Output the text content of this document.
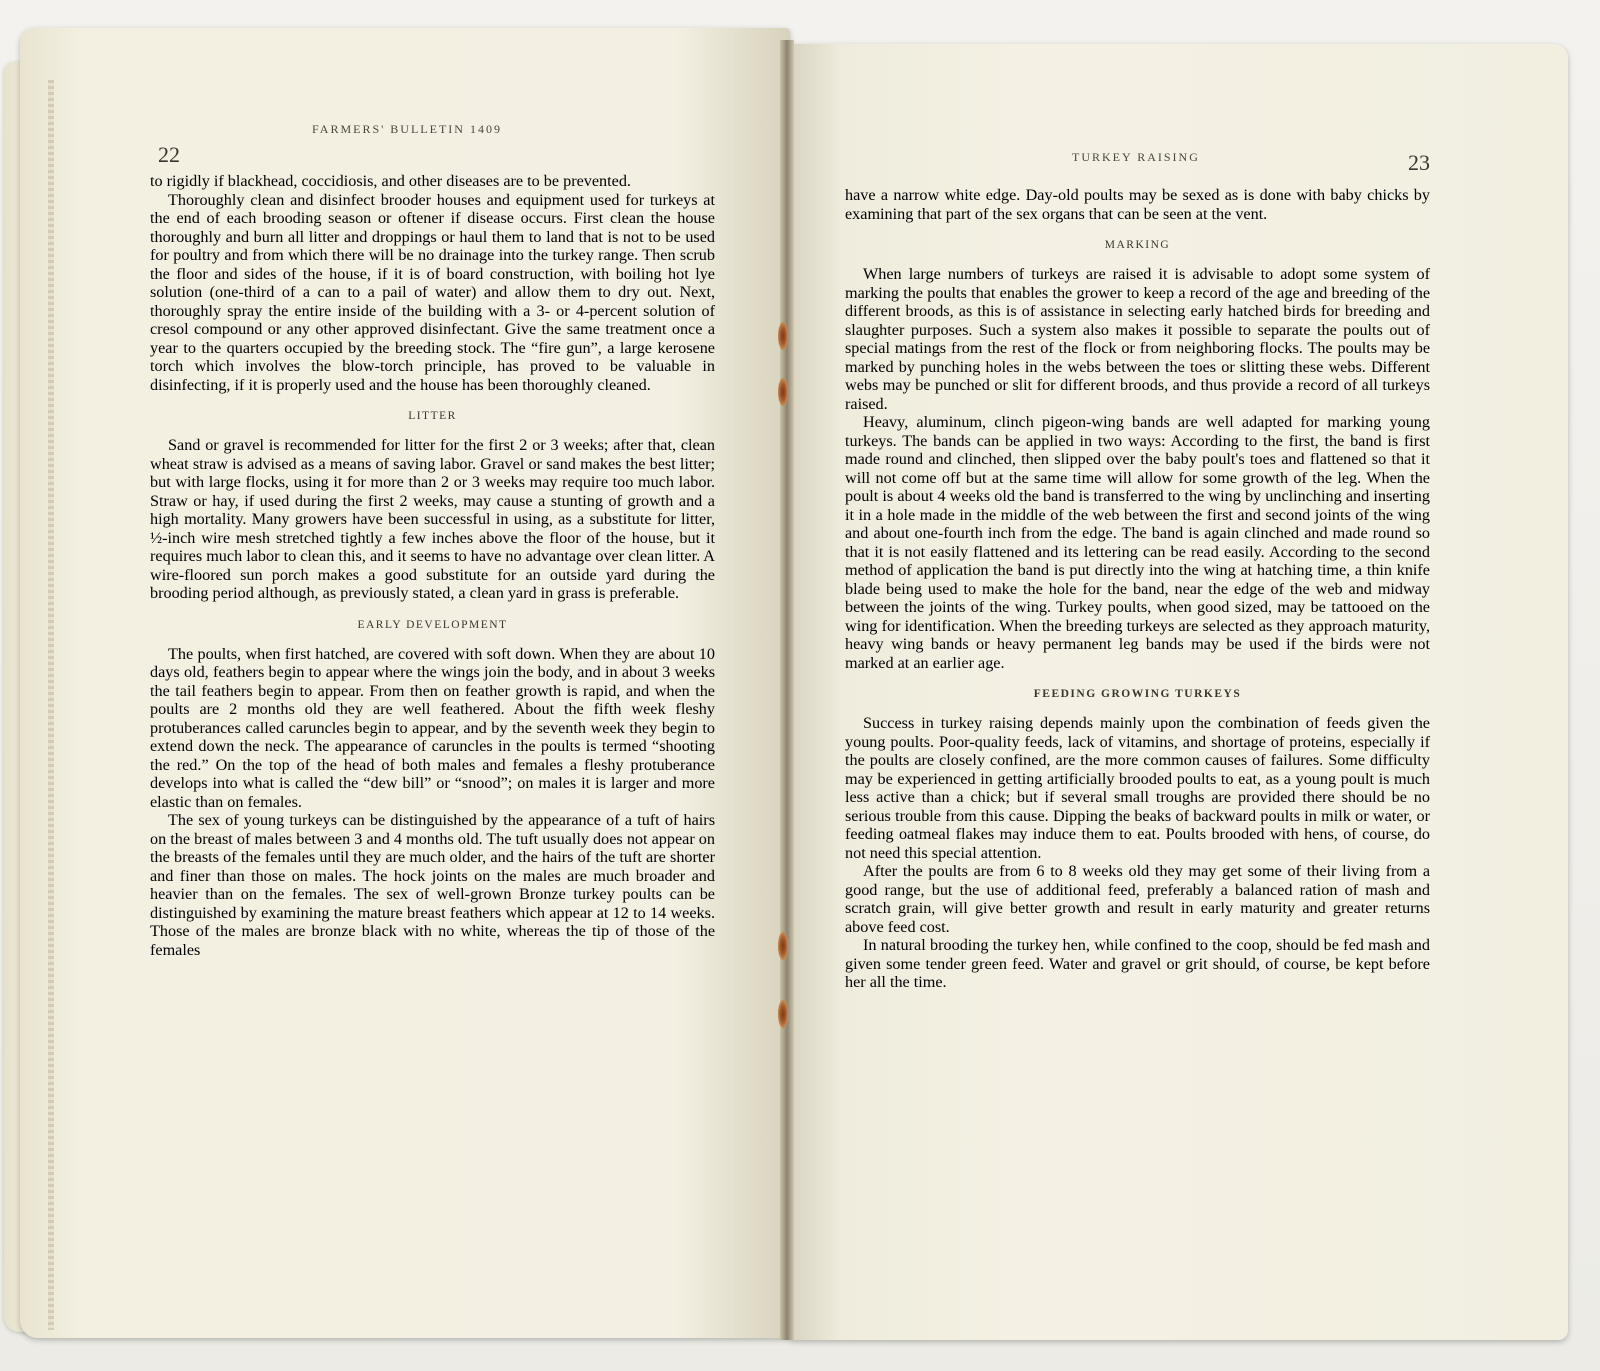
FARMERS' BULLETIN 1409
22

to rigidly if blackhead, coccidiosis, and other diseases are to be prevented.

Thoroughly clean and disinfect brooder houses and equipment used for turkeys at the end of each brooding season or oftener if disease occurs. First clean the house thoroughly and burn all litter and droppings or haul them to land that is not to be used for poultry and from which there will be no drainage into the turkey range. Then scrub the floor and sides of the house, if it is of board construction, with boiling hot lye solution (one-third of a can to a pail of water) and allow them to dry out. Next, thoroughly spray the entire inside of the building with a 3- or 4-percent solution of cresol compound or any other approved disinfectant. Give the same treatment once a year to the quarters occupied by the breeding stock. The “fire gun”, a large kerosene torch which involves the blow-torch principle, has proved to be valuable in disinfecting, if it is properly used and the house has been thoroughly cleaned.

LITTER

Sand or gravel is recommended for litter for the first 2 or 3 weeks; after that, clean wheat straw is advised as a means of saving labor. Gravel or sand makes the best litter; but with large flocks, using it for more than 2 or 3 weeks may require too much labor. Straw or hay, if used during the first 2 weeks, may cause a stunting of growth and a high mortality. Many growers have been successful in using, as a substitute for litter, ½-inch wire mesh stretched tightly a few inches above the floor of the house, but it requires much labor to clean this, and it seems to have no advantage over clean litter. A wire-floored sun porch makes a good substitute for an outside yard during the brooding period although, as previously stated, a clean yard in grass is preferable.

EARLY DEVELOPMENT

The poults, when first hatched, are covered with soft down. When they are about 10 days old, feathers begin to appear where the wings join the body, and in about 3 weeks the tail feathers begin to appear. From then on feather growth is rapid, and when the poults are 2 months old they are well feathered. About the fifth week fleshy protuberances called caruncles begin to appear, and by the seventh week they begin to extend down the neck. The appearance of caruncles in the poults is termed “shooting the red.” On the top of the head of both males and females a fleshy protuberance develops into what is called the “dew bill” or “snood”; on males it is larger and more elastic than on females.

The sex of young turkeys can be distinguished by the appearance of a tuft of hairs on the breast of males between 3 and 4 months old. The tuft usually does not appear on the breasts of the females until they are much older, and the hairs of the tuft are shorter and finer than those on males. The hock joints on the males are much broader and heavier than on the females. The sex of well-grown Bronze turkey poults can be distinguished by examining the mature breast feathers which appear at 12 to 14 weeks. Those of the males are bronze black with no white, whereas the tip of those of the females

TURKEY RAISING	23

have a narrow white edge. Day-old poults may be sexed as is done with baby chicks by examining that part of the sex organs that can be seen at the vent.

MARKING

When large numbers of turkeys are raised it is advisable to adopt some system of marking the poults that enables the grower to keep a record of the age and breeding of the different broods, as this is of assistance in selecting early hatched birds for breeding and slaughter purposes. Such a system also makes it possible to separate the poults out of special matings from the rest of the flock or from neighboring flocks. The poults may be marked by punching holes in the webs between the toes or slitting these webs. Different webs may be punched or slit for different broods, and thus provide a record of all turkeys raised.

Heavy, aluminum, clinch pigeon-wing bands are well adapted for marking young turkeys. The bands can be applied in two ways: According to the first, the band is first made round and clinched, then slipped over the baby poult's toes and flattened so that it will not come off but at the same time will allow for some growth of the leg. When the poult is about 4 weeks old the band is transferred to the wing by unclinching and inserting it in a hole made in the middle of the web between the first and second joints of the wing and about one-fourth inch from the edge. The band is again clinched and made round so that it is not easily flattened and its lettering can be read easily. According to the second method of application the band is put directly into the wing at hatching time, a thin knife blade being used to make the hole for the band, near the edge of the web and midway between the joints of the wing. Turkey poults, when good sized, may be tattooed on the wing for identification. When the breeding turkeys are selected as they approach maturity, heavy wing bands or heavy permanent leg bands may be used if the birds were not marked at an earlier age.

FEEDING GROWING TURKEYS

Success in turkey raising depends mainly upon the combination of feeds given the young poults. Poor-quality feeds, lack of vitamins, and shortage of proteins, especially if the poults are closely confined, are the more common causes of failures. Some difficulty may be experienced in getting artificially brooded poults to eat, as a young poult is much less active than a chick; but if several small troughs are provided there should be no serious trouble from this cause. Dipping the beaks of backward poults in milk or water, or feeding oatmeal flakes may induce them to eat. Poults brooded with hens, of course, do not need this special attention.

After the poults are from 6 to 8 weeks old they may get some of their living from a good range, but the use of additional feed, preferably a balanced ration of mash and scratch grain, will give better growth and result in early maturity and greater returns above feed cost.

In natural brooding the turkey hen, while confined to the coop, should be fed mash and given some tender green feed. Water and gravel or grit should, of course, be kept before her all the time.
